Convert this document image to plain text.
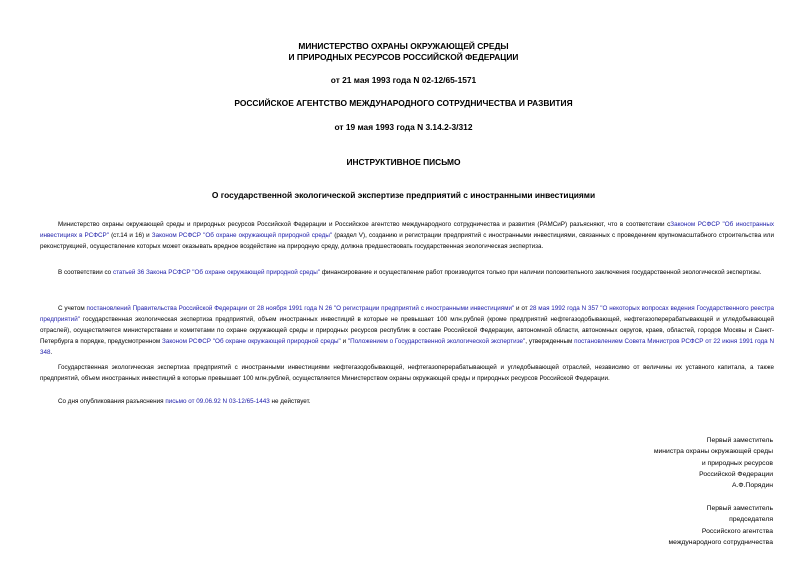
МИНИСТЕРСТВО ОХРАНЫ ОКРУЖАЮЩЕЙ СРЕДЫ
И ПРИРОДНЫХ РЕСУРСОВ РОССИЙСКОЙ ФЕДЕРАЦИИ
от 21 мая 1993 года N 02-12/65-1571
РОССИЙСКОЕ АГЕНТСТВО МЕЖДУНАРОДНОГО СОТРУДНИЧЕСТВА И РАЗВИТИЯ
от 19 мая 1993 года N 3.14.2-3/312
ИНСТРУКТИВНОЕ ПИСЬМО
О государственной экологической экспертизе предприятий с иностранными инвестициями
Министерство охраны окружающей среды и природных ресурсов Российской Федерации и Российское агентство международного сотрудничества и развития (РАМСиР) разъясняют, что в соответствии сЗаконом РСФСР "Об иностранных инвестициях в РСФСР" (ст.14 и 16) и Законом РСФСР "Об охране окружающей природной среды" (раздел V), созданию и регистрации предприятий с иностранными инвестициями, связанных с проведением крупномасштабного строительства или реконструкцией, осуществление которых может оказывать вредное воздействие на природную среду, должна предшествовать государственная экологическая экспертиза.
В соответствии со статьей 36 Закона РСФСР "Об охране окружающей природной среды" финансирование и осуществление работ производится только при наличии положительного заключения государственной экологической экспертизы.
С учетом постановлений Правительства Российской Федерации от 28 ноября 1991 года N 26 "О регистрации предприятий с иностранными инвестициями" и от 28 мая 1992 года N 357 "О некоторых вопросах ведения Государственного реестра предприятий" государственная экологическая экспертиза предприятий, объем иностранных инвестиций в которые не превышает 100 млн.рублей (кроме предприятий нефтегазодобывающей, нефтегазоперерабатывающей и угледобывающей отраслей), осуществляется министерствами и комитетами по охране окружающей среды и природных ресурсов республик в составе Российской Федерации, автономной области, автономных округов, краев, областей, городов Москвы и Санкт-Петербурга в порядке, предусмотренном Законом РСФСР "Об охране окружающей природной среды" и "Положением о Государственной экологической экспертизе", утвержденным постановлением Совета Министров РСФСР от 22 июня 1991 года N 348.
Государственная экологическая экспертиза предприятий с иностранными инвестициями нефтегазодобывающей, нефтегазоперерабатывающей и угледобывающей отраслей, независимо от величины их уставного капитала, а также предприятий, объем иностранных инвестиций в которые превышает 100 млн.рублей, осуществляется Министерством охраны окружающей среды и природных ресурсов Российской Федерации.
Со дня опубликования разъяснения письмо от 09.06.92 N 03-12/65-1443 не действует.
Первый заместитель
министра охраны окружающей среды
и природных ресурсов
Российской Федерации
А.Ф.Порядин
Первый заместитель
председателя
Российского агентства
международного сотрудничества
